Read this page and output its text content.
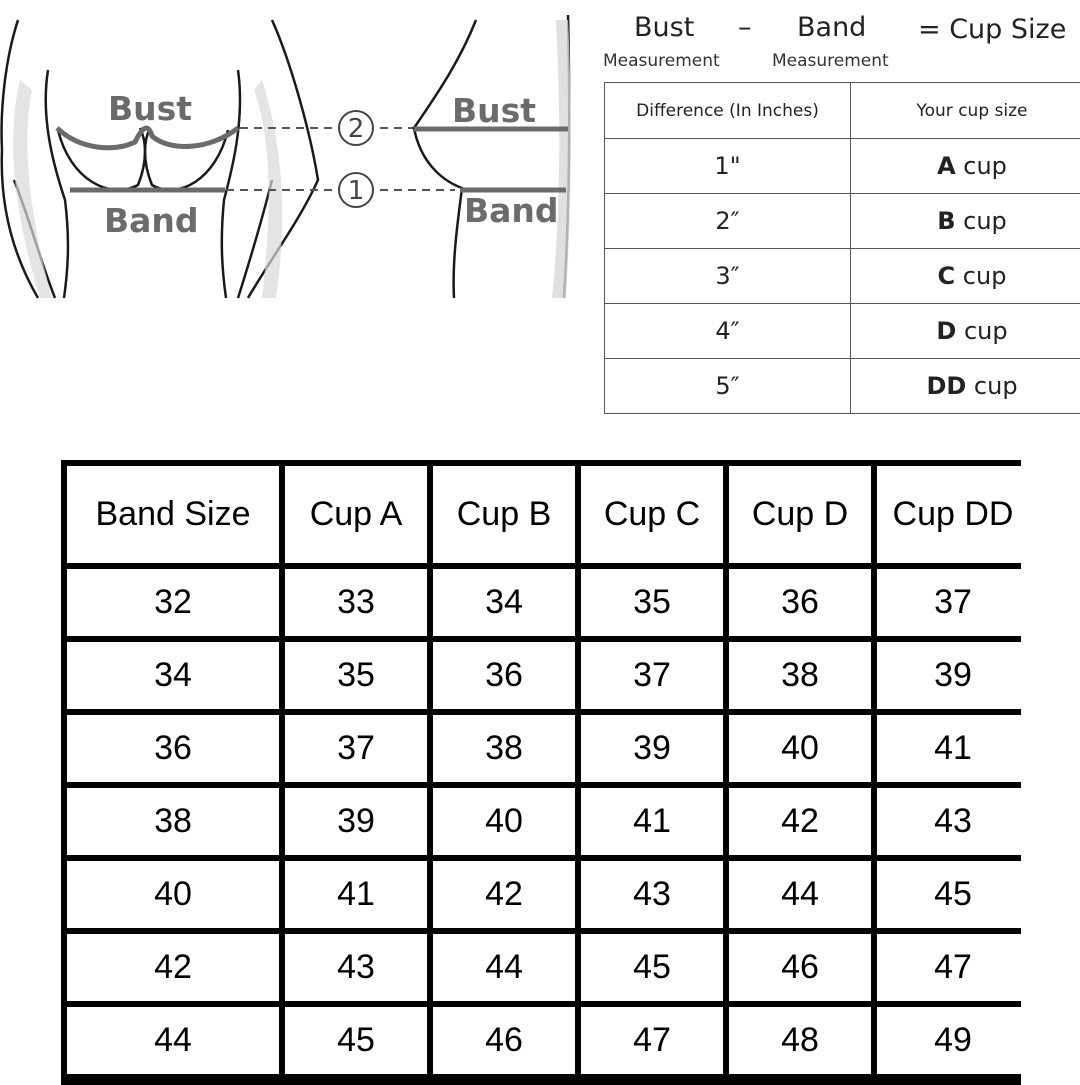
Bust
Band
2
1
Bust
Band
Bust
Measurement
– Band
Measurement
= Cup Size
Difference (In Inches)	Your cup size
1"	A cup
2″	B cup
3″	C cup
4″	D cup
5″	DD cup
Band Size	Cup A	Cup B	Cup C	Cup D	Cup DD
32	33	34	35	36	37
34	35	36	37	38	39
36	37	38	39	40	41
38	39	40	41	42	43
40	41	42	43	44	45
42	43	44	45	46	47
44	45	46	47	48	49
